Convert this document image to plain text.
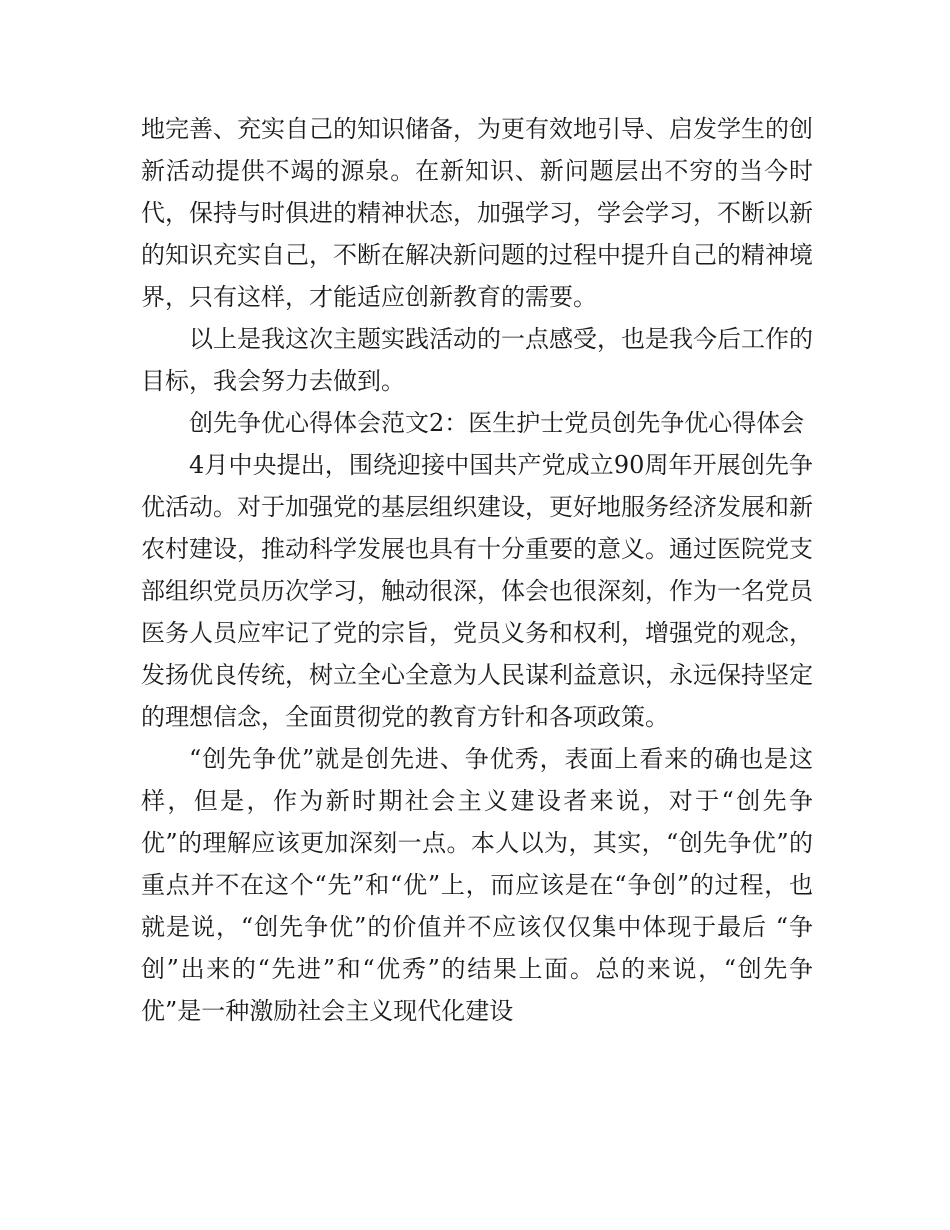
地完善、充实自己的知识储备，为更有效地引导、启发学生的创新活动提供不竭的源泉。在新知识、新问题层出不穷的当今时代，保持与时俱进的精神状态，加强学习，学会学习，不断以新的知识充实自己，不断在解决新问题的过程中提升自己的精神境界，只有这样，才能适应创新教育的需要。

以上是我这次主题实践活动的一点感受，也是我今后工作的目标，我会努力去做到。

创先争优心得体会范文2：医生护士党员创先争优心得体会

4月中央提出，围绕迎接中国共产党成立90周年开展创先争优活动。对于加强党的基层组织建设，更好地服务经济发展和新农村建设，推动科学发展也具有十分重要的意义。通过医院党支部组织党员历次学习，触动很深，体会也很深刻，作为一名党员医务人员应牢记了党的宗旨，党员义务和权利，增强党的观念，发扬优良传统，树立全心全意为人民谋利益意识，永远保持坚定的理想信念，全面贯彻党的教育方针和各项政策。

“创先争优”就是创先进、争优秀，表面上看来的确也是这样，但是，作为新时期社会主义建设者来说，对于“创先争优”的理解应该更加深刻一点。本人以为，其实，“创先争优”的重点并不在这个“先”和“优”上，而应该是在“争创”的过程，也就是说，“创先争优”的价值并不应该仅仅集中体现于最后 “争创”出来的“先进”和“优秀”的结果上面。总的来说，“创先争优”是一种激励社会主义现代化建设
